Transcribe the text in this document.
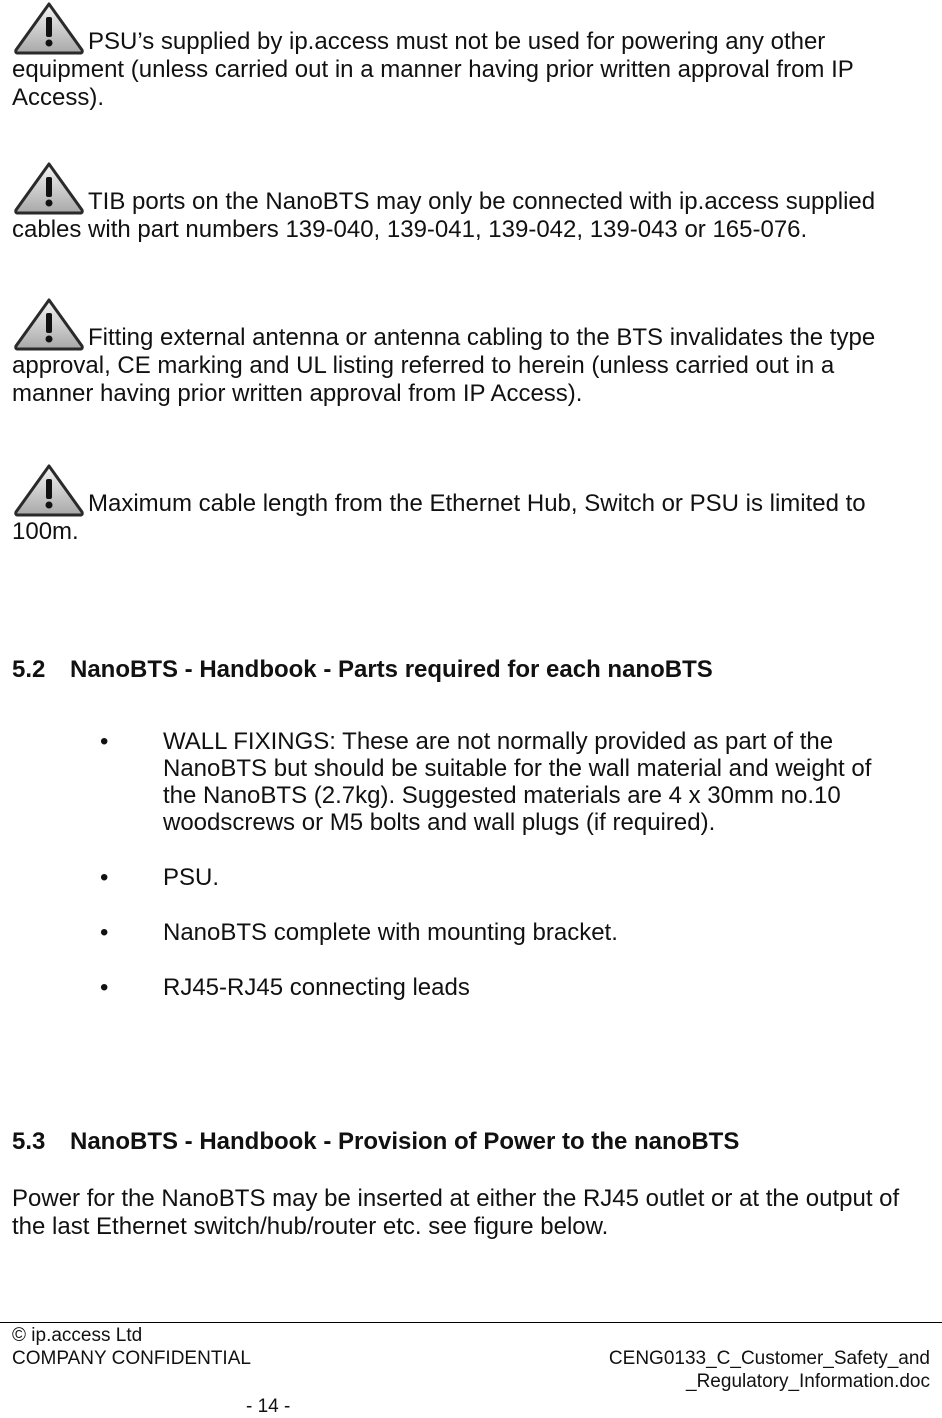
PSU’s supplied by ip.access must not be used for powering any other equipment (unless carried out in a manner having prior written approval from IP Access).
TIB ports on the NanoBTS may only be connected with ip.access supplied cables with part numbers 139-040, 139-041, 139-042, 139-043 or 165-076.
Fitting external antenna or antenna cabling to the BTS invalidates the type approval, CE marking and UL listing referred to herein (unless carried out in a manner having prior written approval from IP Access).
Maximum cable length from the Ethernet Hub, Switch or PSU is limited to 100m.
5.2 NanoBTS - Handbook - Parts required for each nanoBTS
• WALL FIXINGS: These are not normally provided as part of the NanoBTS but should be suitable for the wall material and weight of the NanoBTS (2.7kg). Suggested materials are 4 x 30mm no.10 woodscrews or M5 bolts and wall plugs (if required).
• PSU.
• NanoBTS complete with mounting bracket.
• RJ45-RJ45 connecting leads
5.3 NanoBTS - Handbook - Provision of Power to the nanoBTS
Power for the NanoBTS may be inserted at either the RJ45 outlet or at the output of the last Ethernet switch/hub/router etc. see figure below.
© ip.access Ltd
COMPANY CONFIDENTIAL	CENG0133_C_Customer_Safety_and
_Regulatory_Information.doc
- 14 -
